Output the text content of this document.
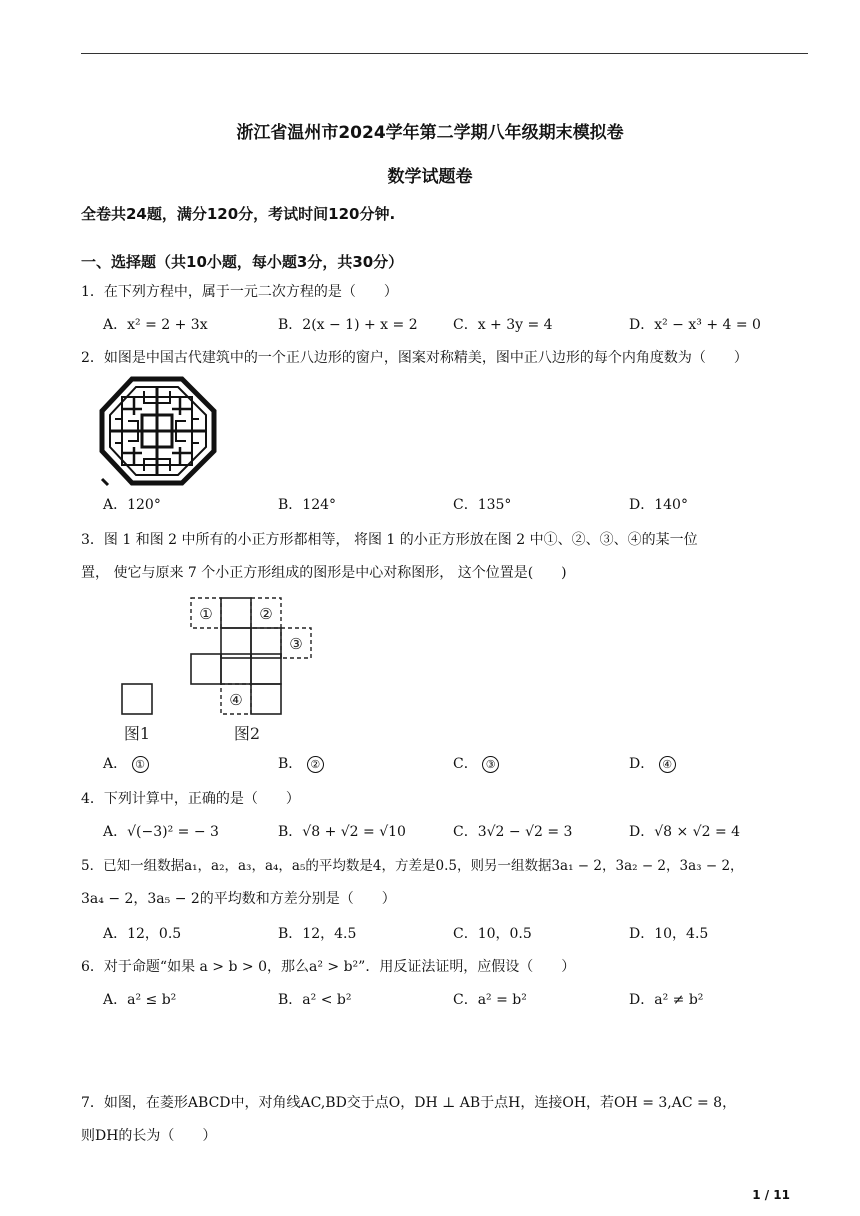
浙江省温州市2024学年第二学期八年级期末模拟卷
数学试题卷
全卷共24题，满分120分，考试时间120分钟.
一、选择题（共10小题，每小题3分，共30分）
1．在下列方程中，属于一元二次方程的是（　　）
A．x² = 2 + 3x	B．2(x − 1) + x = 2	C．x + 3y = 4	D．x² − x³ + 4 = 0
2．如图是中国古代建筑中的一个正八边形的窗户，图案对称精美，图中正八边形的每个内角度数为（　　）
A．120°	B．124°	C．135°	D．140°
3．图 1 和图 2 中所有的小正方形都相等， 将图 1 的小正方形放在图 2 中①、②、③、④的某一位
置， 使它与原来 7 个小正方形组成的图形是中心对称图形， 这个位置是(　　)
①	②
③
④
图1	图2
A． ①	B． ②	C． ③	D． ④
4．下列计算中，正确的是（　　）
A．√(−3)² = − 3	B．√8 + √2 = √10	C．3√2 − √2 = 3	D．√8 × √2 = 4
5．已知一组数据a₁，a₂，a₃，a₄，a₅的平均数是4，方差是0.5，则另一组数据3a₁ − 2，3a₂ − 2，3a₃ − 2，
3a₄ − 2，3a₅ − 2的平均数和方差分别是（　　）
A．12，0.5	B．12，4.5	C．10，0.5	D．10，4.5
6．对于命题“如果 a > b > 0，那么a² > b²”．用反证法证明，应假设（　　）
A．a² ≤ b²	B．a² < b²	C．a² = b²	D．a² ≠ b²
7．如图，在菱形ABCD中，对角线AC,BD交于点O，DH ⊥ AB于点H，连接OH，若OH = 3,AC = 8，
则DH的长为（　　）
1 / 11
